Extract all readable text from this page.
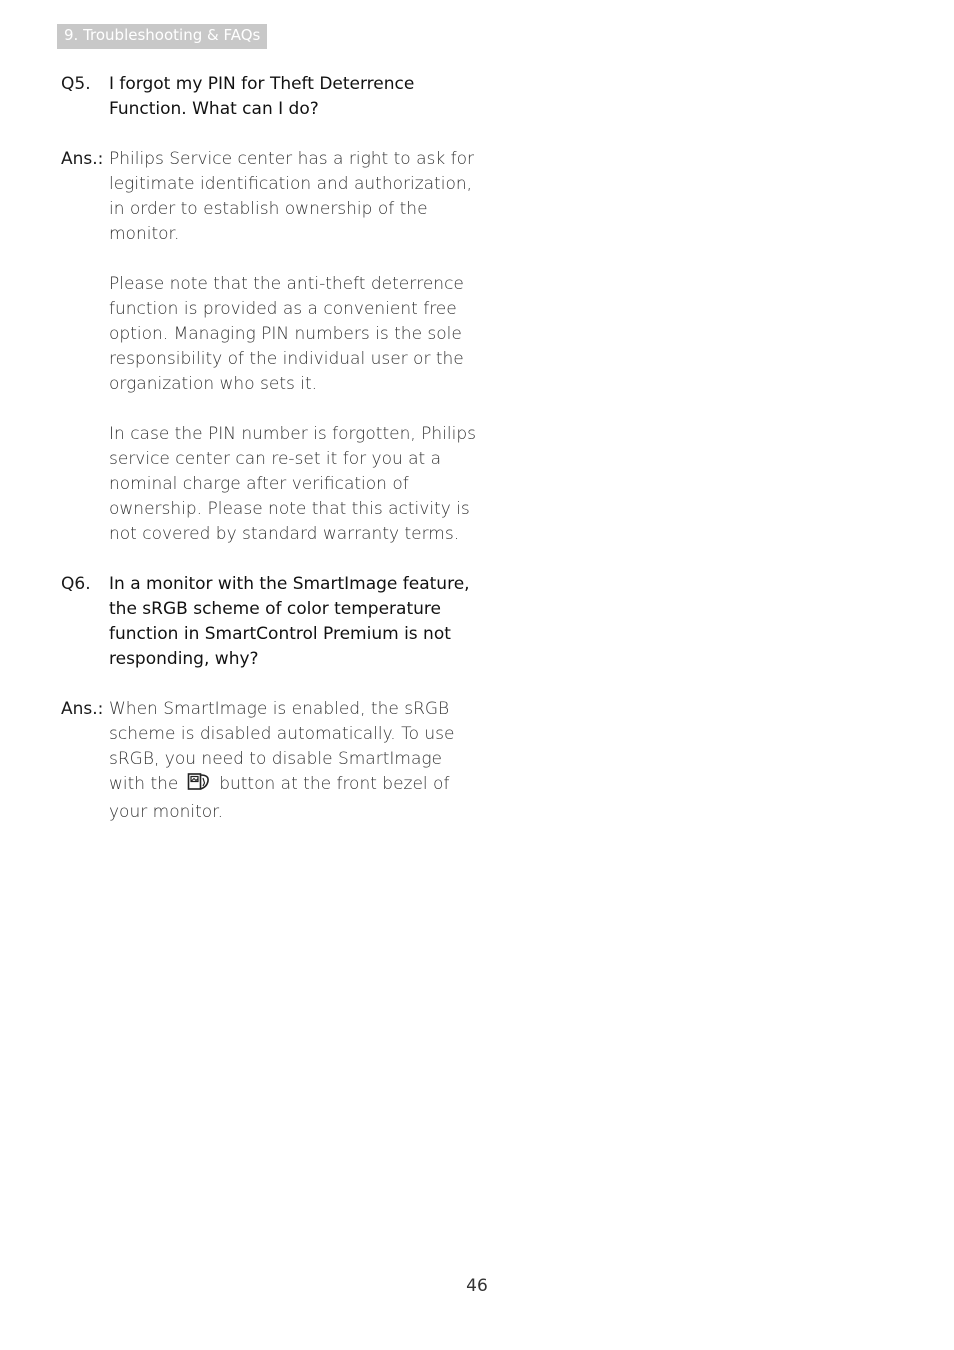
9. Troubleshooting & FAQs
Q5.	I forgot my PIN for Theft Deterrence Function. What can I do?
Ans.: Philips Service center has a right to ask for legitimate identification and authorization, in order to establish ownership of the monitor.

Please note that the anti-theft deterrence function is provided as a convenient free option. Managing PIN numbers is the sole responsibility of the individual user or the organization who sets it.

In case the PIN number is forgotten, Philips service center can re-set it for you at a nominal charge after verification of ownership. Please note that this activity is not covered by standard warranty terms.

Q6.	In a monitor with the SmartImage feature, the sRGB scheme of color temperature function in SmartControl Premium is not responding, why?
Ans.: When SmartImage is enabled, the sRGB scheme is disabled automatically. To use sRGB, you need to disable SmartImage with the button at the front bezel of your monitor.
46
